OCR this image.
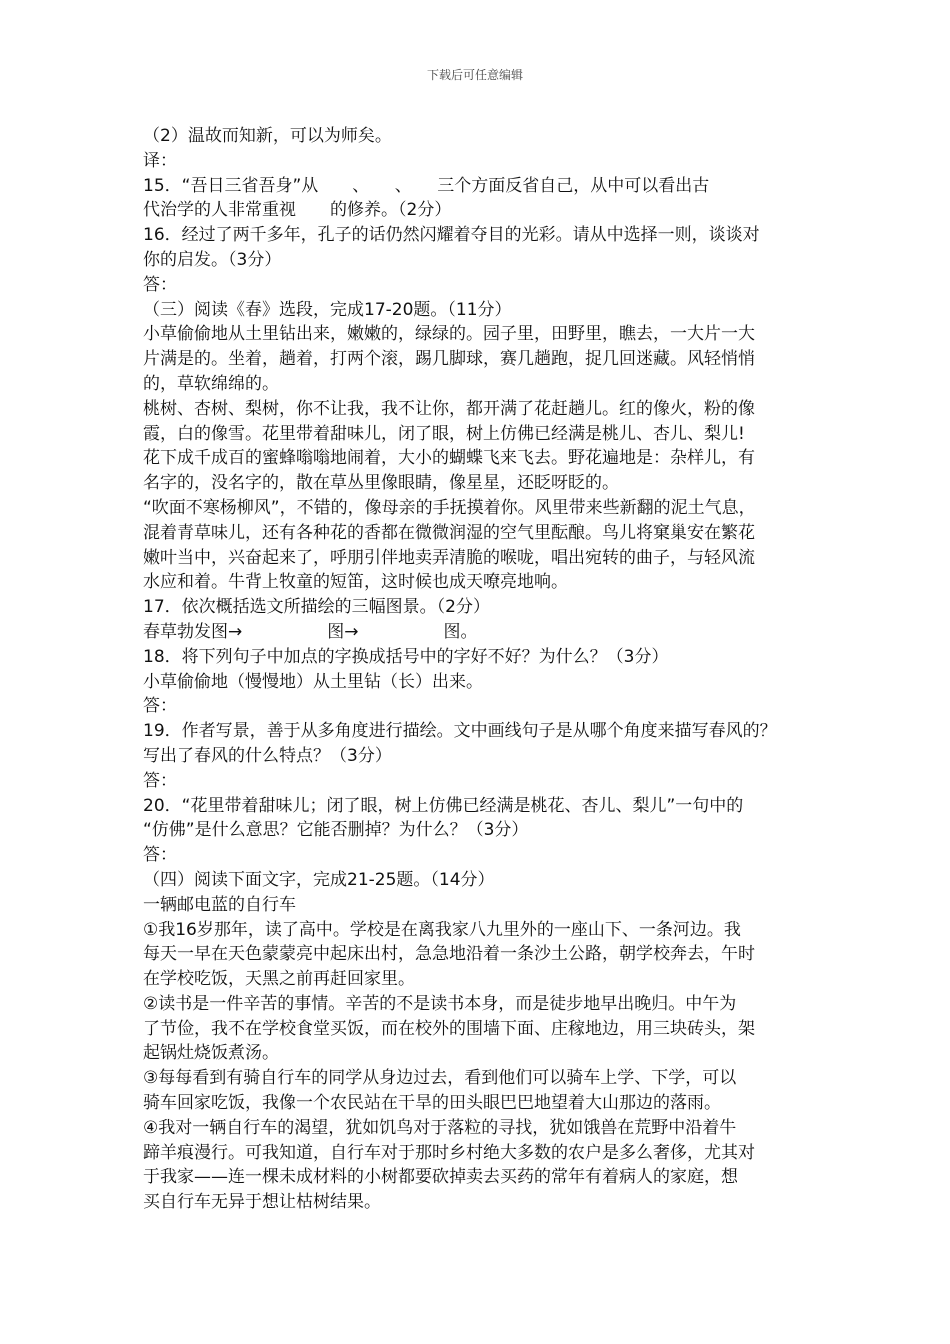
下载后可任意编辑
（2）温故而知新，可以为师矣。
译：
15．“吾日三省吾身”从　　、　　、　　三个方面反省自己，从中可以看出古
代治学的人非常重视　　的修养。（2分）
16．经过了两千多年，孔子的话仍然闪耀着夺目的光彩。请从中选择一则，谈谈对
你的启发。（3分）
答：
（三）阅读《春》选段，完成17-20题。（11分）
小草偷偷地从土里钻出来，嫩嫩的，绿绿的。园子里，田野里，瞧去，一大片一大
片满是的。坐着，趟着，打两个滚，踢几脚球，赛几趟跑，捉几回迷藏。风轻悄悄
的，草软绵绵的。
桃树、杏树、梨树，你不让我，我不让你，都开满了花赶趟儿。红的像火，粉的像
霞，白的像雪。花里带着甜味儿，闭了眼，树上仿佛已经满是桃儿、杏儿、梨儿!
花下成千成百的蜜蜂嗡嗡地闹着，大小的蝴蝶飞来飞去。野花遍地是：杂样儿，有
名字的，没名字的，散在草丛里像眼睛，像星星，还眨呀眨的。
“吹面不寒杨柳风”，不错的，像母亲的手抚摸着你。风里带来些新翻的泥土气息，
混着青草味儿，还有各种花的香都在微微润湿的空气里酝酿。鸟儿将窠巢安在繁花
嫩叶当中，兴奋起来了，呼朋引伴地卖弄清脆的喉咙，唱出宛转的曲子，与轻风流
水应和着。牛背上牧童的短笛，这时候也成天嘹亮地响。
17．依次概括选文所描绘的三幅图景。（2分）
春草勃发图→　　　　　图→　　　　　图。
18．将下列句子中加点的字换成括号中的字好不好？为什么？（3分）
小草偷偷地（慢慢地）从土里钻（长）出来。
答：
19．作者写景，善于从多角度进行描绘。文中画线句子是从哪个角度来描写春风的？
写出了春风的什么特点？（3分）
答：
20．“花里带着甜味儿；闭了眼，树上仿佛已经满是桃花、杏儿、梨儿”一句中的
“仿佛”是什么意思？它能否删掉？为什么？（3分）
答：
（四）阅读下面文字，完成21-25题。（14分）
一辆邮电蓝的自行车
①我16岁那年，读了高中。学校是在离我家八九里外的一座山下、一条河边。我
每天一早在天色蒙蒙亮中起床出村，急急地沿着一条沙土公路，朝学校奔去，午时
在学校吃饭，天黑之前再赶回家里。
②读书是一件辛苦的事情。辛苦的不是读书本身，而是徒步地早出晚归。中午为
了节俭，我不在学校食堂买饭，而在校外的围墙下面、庄稼地边，用三块砖头，架
起锅灶烧饭煮汤。
③每每看到有骑自行车的同学从身边过去，看到他们可以骑车上学、下学，可以
骑车回家吃饭，我像一个农民站在干旱的田头眼巴巴地望着大山那边的落雨。
④我对一辆自行车的渴望，犹如饥鸟对于落粒的寻找，犹如饿兽在荒野中沿着牛
蹄羊痕漫行。可我知道，自行车对于那时乡村绝大多数的农户是多么奢侈，尤其对
于我家——连一棵未成材料的小树都要砍掉卖去买药的常年有着病人的家庭，想
买自行车无异于想让枯树结果。
